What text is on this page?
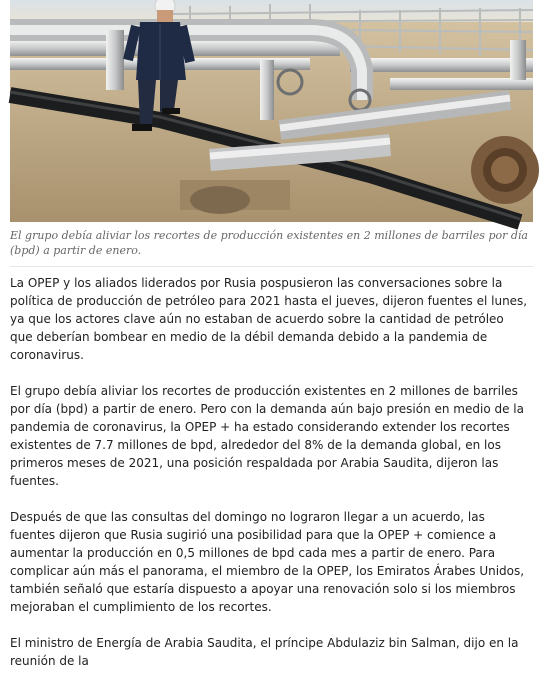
El grupo debía aliviar los recortes de producción existentes en 2 millones de barriles por día (bpd) a partir de enero.

La OPEP y los aliados liderados por Rusia pospusieron las conversaciones sobre la política de producción de petróleo para 2021 hasta el jueves, dijeron fuentes el lunes, ya que los actores clave aún no estaban de acuerdo sobre la cantidad de petróleo que deberían bombear en medio de la débil demanda debido a la pandemia de coronavirus.

El grupo debía aliviar los recortes de producción existentes en 2 millones de barriles por día (bpd) a partir de enero. Pero con la demanda aún bajo presión en medio de la pandemia de coronavirus, la OPEP + ha estado considerando extender los recortes existentes de 7.7 millones de bpd, alrededor del 8% de la demanda global, en los primeros meses de 2021, una posición respaldada por Arabia Saudita, dijeron las fuentes.

Después de que las consultas del domingo no lograron llegar a un acuerdo, las fuentes dijeron que Rusia sugirió una posibilidad para que la OPEP + comience a aumentar la producción en 0,5 millones de bpd cada mes a partir de enero. Para complicar aún más el panorama, el miembro de la OPEP, los Emiratos Árabes Unidos, también señaló que estaría dispuesto a apoyar una renovación solo si los miembros mejoraban el cumplimiento de los recortes.

El ministro de Energía de Arabia Saudita, el príncipe Abdulaziz bin Salman, dijo en la reunión de la
